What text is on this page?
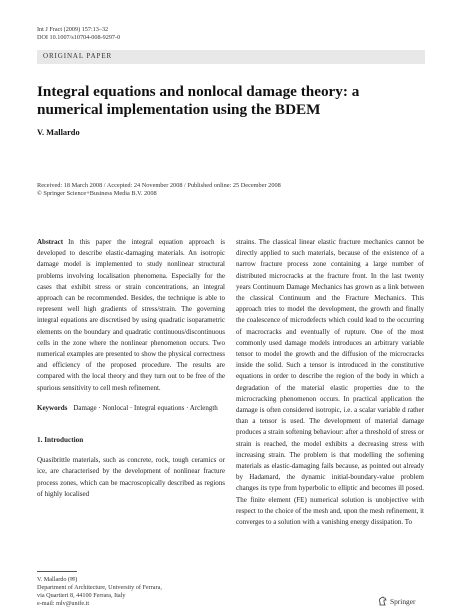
Int J Fract (2009) 157:13–32
DOI 10.1007/s10704-008-9297-0
ORIGINAL PAPER
Integral equations and nonlocal damage theory: a numerical implementation using the BDEM
V. Mallardo
Received: 18 March 2008 / Accepted: 24 November 2008 / Published online: 25 December 2008
© Springer Science+Business Media B.V. 2008

Abstract In this paper the integral equation approach is developed to describe elastic-damaging materials. An isotropic damage model is implemented to study nonlinear structural problems involving localisation phenomena. Especially for the cases that exhibit stress or strain concentrations, an integral approach can be recommended. Besides, the technique is able to represent well high gradients of stress/strain. The governing integral equations are discretised by using quadratic isoparametric elements on the boundary and quadratic continuous/discontinuous cells in the zone where the nonlinear phenomenon occurs. Two numerical examples are presented to show the physical correctness and efficiency of the proposed procedure. The results are compared with the local theory and they turn out to be free of the spurious sensitivity to cell mesh refinement.

Keywords Damage · Nonlocal · Integral equations · Arclength

1. Introduction

Quasibrittle materials, such as concrete, rock, tough ceramics or ice, are characterised by the development of nonlinear fracture process zones, which can be macroscopically described as regions of highly localised

strains. The classical linear elastic fracture mechanics cannot be directly applied to such materials, because of the existence of a narrow fracture process zone containing a large number of distributed microcracks at the fracture front. In the last twenty years Continuum Damage Mechanics has grown as a link between the classical Continuum and the Fracture Mechanics. This approach tries to model the development, the growth and finally the coalescence of microdefects which could lead to the occurring of macrocracks and eventually of rupture. One of the most commonly used damage models introduces an arbitrary variable tensor to model the growth and the diffusion of the microcracks inside the solid. Such a tensor is introduced in the constitutive equations in order to describe the region of the body in which a degradation of the material elastic properties due to the microcracking phenomenon occurs. In practical application the damage is often considered isotropic, i.e. a scalar variable d rather than a tensor is used. The development of material damage produces a strain softening behaviour: after a threshold of stress or strain is reached, the model exhibits a decreasing stress with increasing strain. The problem is that modelling the softening materials as elastic-damaging fails because, as pointed out already by Hadamard, the dynamic initial-boundary-value problem changes its type from hyperbolic to elliptic and becomes ill posed. The finite element (FE) numerical solution is unobjective with respect to the choice of the mesh and, upon the mesh refinement, it converges to a solution with a vanishing energy dissipation. To

V. Mallardo (✉)
Department of Architecture, University of Ferrara,
via Quartieri 8, 44100 Ferrara, Italy
e-mail: mlv@unife.it	Springer
